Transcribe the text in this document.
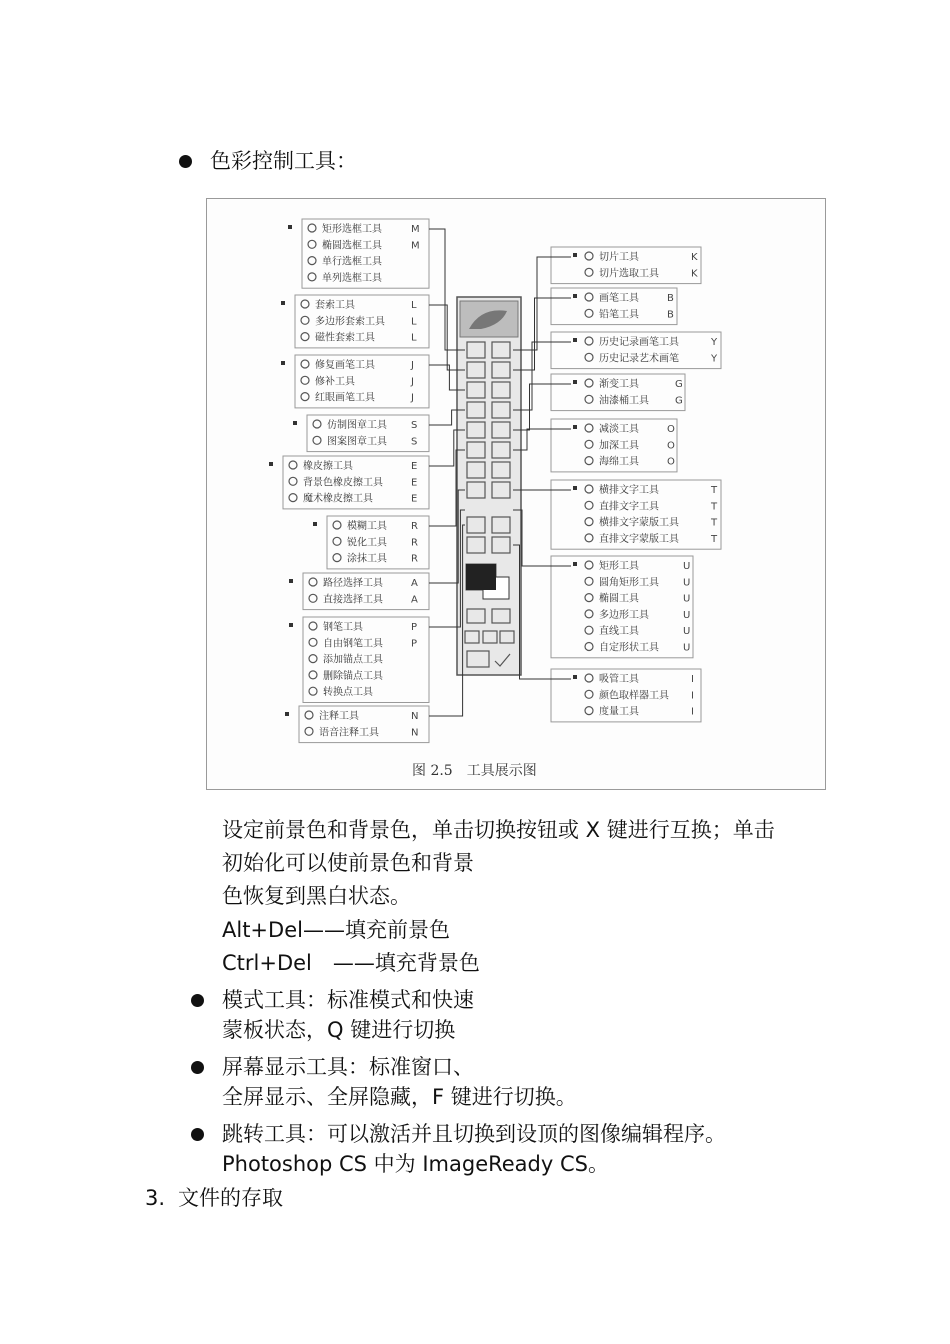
色彩控制工具：
矩形选框工具	M
椭圆选框工具	M
单行选框工具
单列选框工具
套索工具	L
多边形套索工具	L
磁性套索工具	L
修复画笔工具	J
修补工具	J
红眼画笔工具	J
仿制图章工具 S
图案图章工具 S
橡皮擦工具	E
背景色橡皮擦工具	E
魔术橡皮擦工具	E
模糊工具 R
锐化工具 R
涂抹工具 R
路径选择工具	A
直接选择工具	A
钢笔工具	P
自由钢笔工具	P
添加锚点工具
删除锚点工具
转换点工具
注释工具	N
语音注释工具	N
切片工具	K
切片选取工具	K
画笔工具	B
铅笔工具	B
历史记录画笔工具	Y
历史记录艺术画笔	Y
渐变工具	G
油漆桶工具	G
减淡工具	O
加深工具	O
海绵工具	O
横排文字工具	T
直排文字工具	T
横排文字蒙版工具	T
直排文字蒙版工具	T
矩形工具	U
圆角矩形工具 U
椭圆工具	U
多边形工具	U
直线工具	U
自定形状工具 U
吸管工具	I
颜色取样器工具 I
度量工具	I
图 2.5　工具展示图
设定前景色和背景色，单击切换按钮或 X 键进行互换；单击
初始化可以使前景色和背景
色恢复到黑白状态。
Alt+Del——填充前景色
Ctrl+Del　——填充背景色
模式工具：标准模式和快速
蒙板状态，Q 键进行切换
屏幕显示工具：标准窗口、
全屏显示、全屏隐藏，F 键进行切换。
跳转工具：可以激活并且切换到设顶的图像编辑程序。
Photoshop CS 中为 ImageReady CS。
3. 文件的存取
